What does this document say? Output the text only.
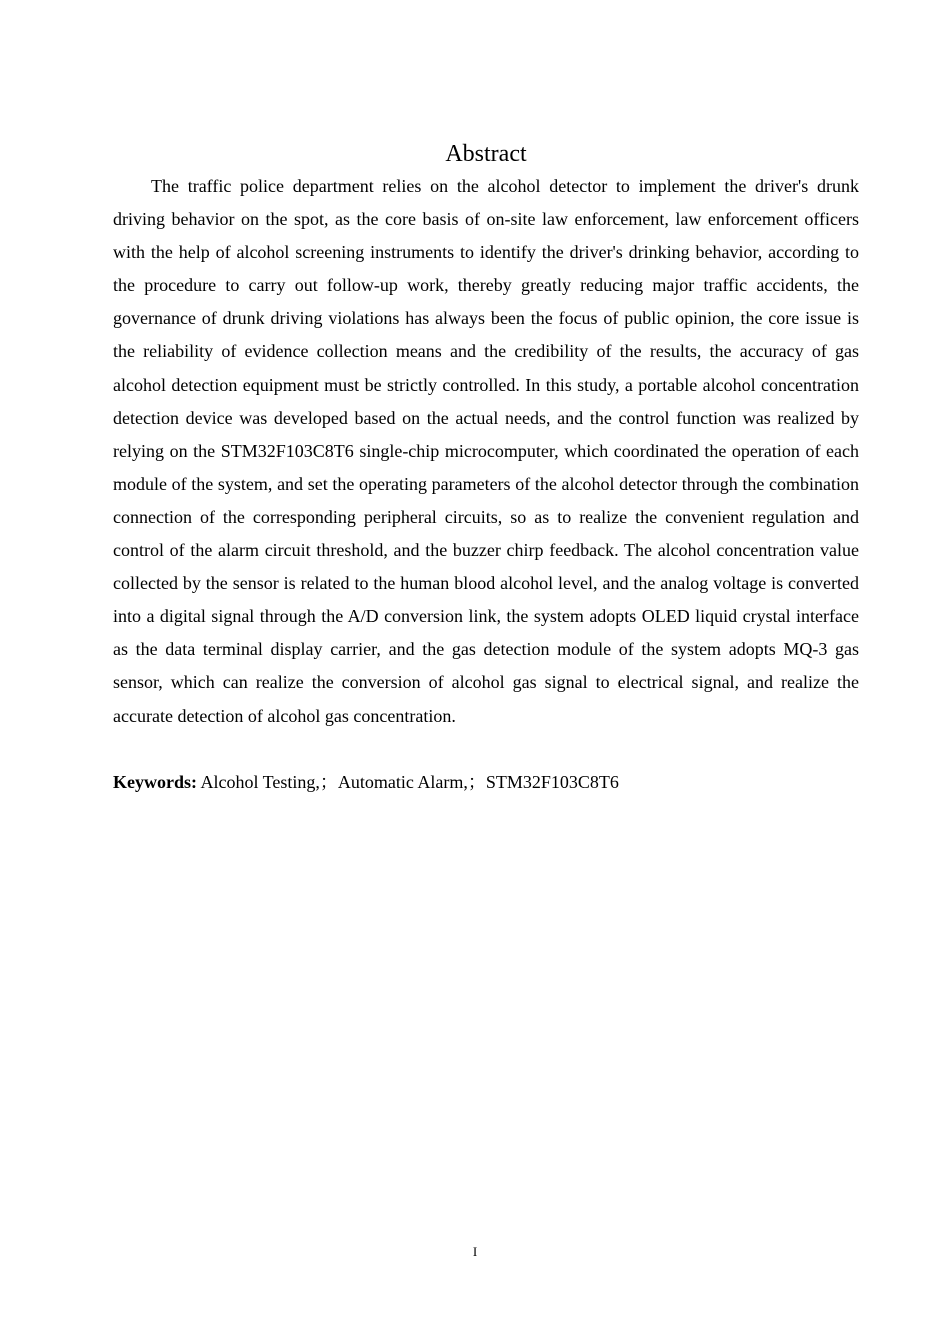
Abstract

The traffic police department relies on the alcohol detector to implement the driver's drunk driving behavior on the spot, as the core basis of on-site law enforcement, law enforcement officers with the help of alcohol screening instruments to identify the driver's drinking behavior, according to the procedure to carry out follow-up work, thereby greatly reducing major traffic accidents, the governance of drunk driving violations has always been the focus of public opinion, the core issue is the reliability of evidence collection means and the credibility of the results, the accuracy of gas alcohol detection equipment must be strictly controlled. In this study, a portable alcohol concentration detection device was developed based on the actual needs, and the control function was realized by relying on the STM32F103C8T6 single-chip microcomputer, which coordinated the operation of each module of the system, and set the operating parameters of the alcohol detector through the combination connection of the corresponding peripheral circuits, so as to realize the convenient regulation and control of the alarm circuit threshold, and the buzzer chirp feedback. The alcohol concentration value collected by the sensor is related to the human blood alcohol level, and the analog voltage is converted into a digital signal through the A/D conversion link, the system adopts OLED liquid crystal interface as the data terminal display carrier, and the gas detection module of the system adopts MQ-3 gas sensor, which can realize the conversion of alcohol gas signal to electrical signal, and realize the accurate detection of alcohol gas concentration.

Keywords: Alcohol Testing,；Automatic Alarm,；STM32F103C8T6

I
